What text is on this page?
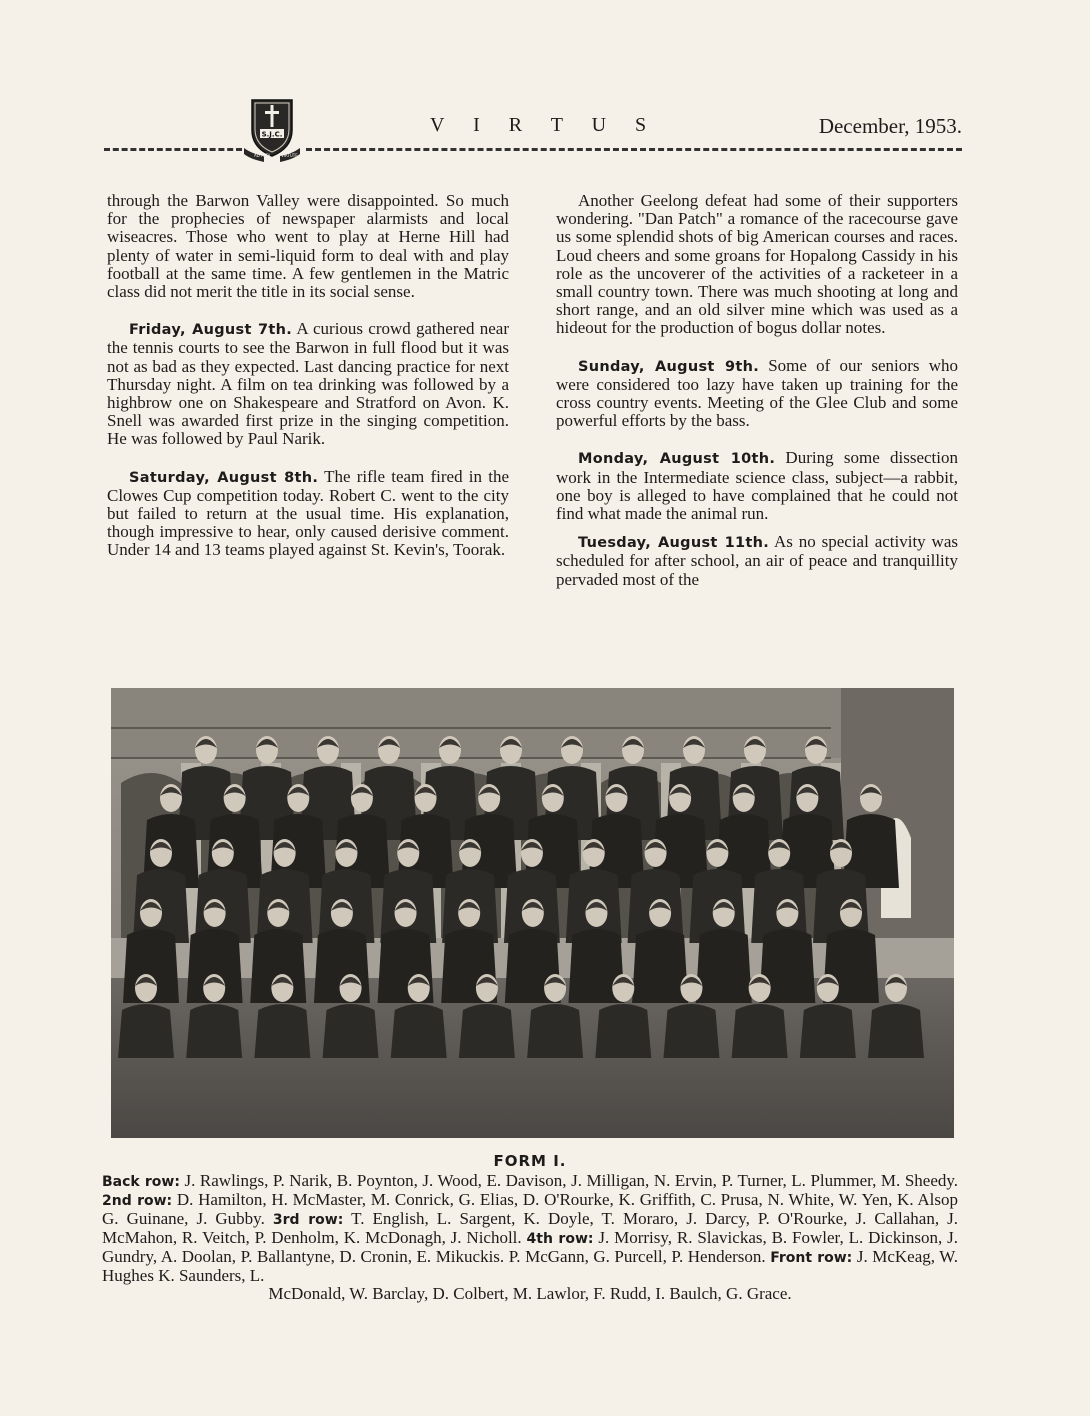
S.J.C.
AD ALTA	VIRTUTE
V I R T U S	December, 1953.

through the Barwon Valley were disappointed. So much for the prophecies of newspaper alarmists and local wiseacres. Those who went to play at Herne Hill had plenty of water in semi-liquid form to deal with and play football at the same time. A few gentlemen in the Matric class did not merit the title in its social sense.

Friday, August 7th. A curious crowd gathered near the tennis courts to see the Barwon in full flood but it was not as bad as they expected. Last dancing practice for next Thursday night. A film on tea drinking was followed by a highbrow one on Shakespeare and Stratford on Avon. K. Snell was awarded first prize in the singing competition. He was followed by Paul Narik.

Saturday, August 8th. The rifle team fired in the Clowes Cup competition today. Robert C. went to the city but failed to return at the usual time. His explanation, though impressive to hear, only caused derisive comment. Under 14 and 13 teams played against St. Kevin's, Toorak.

Another Geelong defeat had some of their supporters wondering. "Dan Patch" a romance of the racecourse gave us some splendid shots of big American courses and races. Loud cheers and some groans for Hopalong Cassidy in his role as the uncoverer of the activities of a racketeer in a small country town. There was much shooting at long and short range, and an old silver mine which was used as a hideout for the production of bogus dollar notes.

Sunday, August 9th. Some of our seniors who were considered too lazy have taken up training for the cross country events. Meeting of the Glee Club and some powerful efforts by the bass.

Monday, August 10th. During some dissection work in the Intermediate science class, subject—a rabbit, one boy is alleged to have complained that he could not find what made the animal run.

Tuesday, August 11th. As no special activity was scheduled for after school, an air of peace and tranquillity pervaded most of the

FORM I.
Back row: J. Rawlings, P. Narik, B. Poynton, J. Wood, E. Davison, J. Milligan, N. Ervin, P. Turner, L. Plummer, M. Sheedy. 2nd row: D. Hamilton, H. McMaster, M. Conrick, G. Elias, D. O'Rourke, K. Griffith, C. Prusa, N. White, W. Yen, K. Alsop G. Guinane, J. Gubby. 3rd row: T. English, L. Sargent, K. Doyle, T. Moraro, J. Darcy, P. O'Rourke, J. Callahan, J. McMahon, R. Veitch, P. Denholm, K. McDonagh, J. Nicholl. 4th row: J. Morrisy, R. Slavickas, B. Fowler, L. Dickinson, J. Gundry, A. Doolan, P. Ballantyne, D. Cronin, E. Mikuckis. P. McGann, G. Purcell, P. Henderson. Front row: J. McKeag, W. Hughes K. Saunders, L.
McDonald, W. Barclay, D. Colbert, M. Lawlor, F. Rudd, I. Baulch, G. Grace.
